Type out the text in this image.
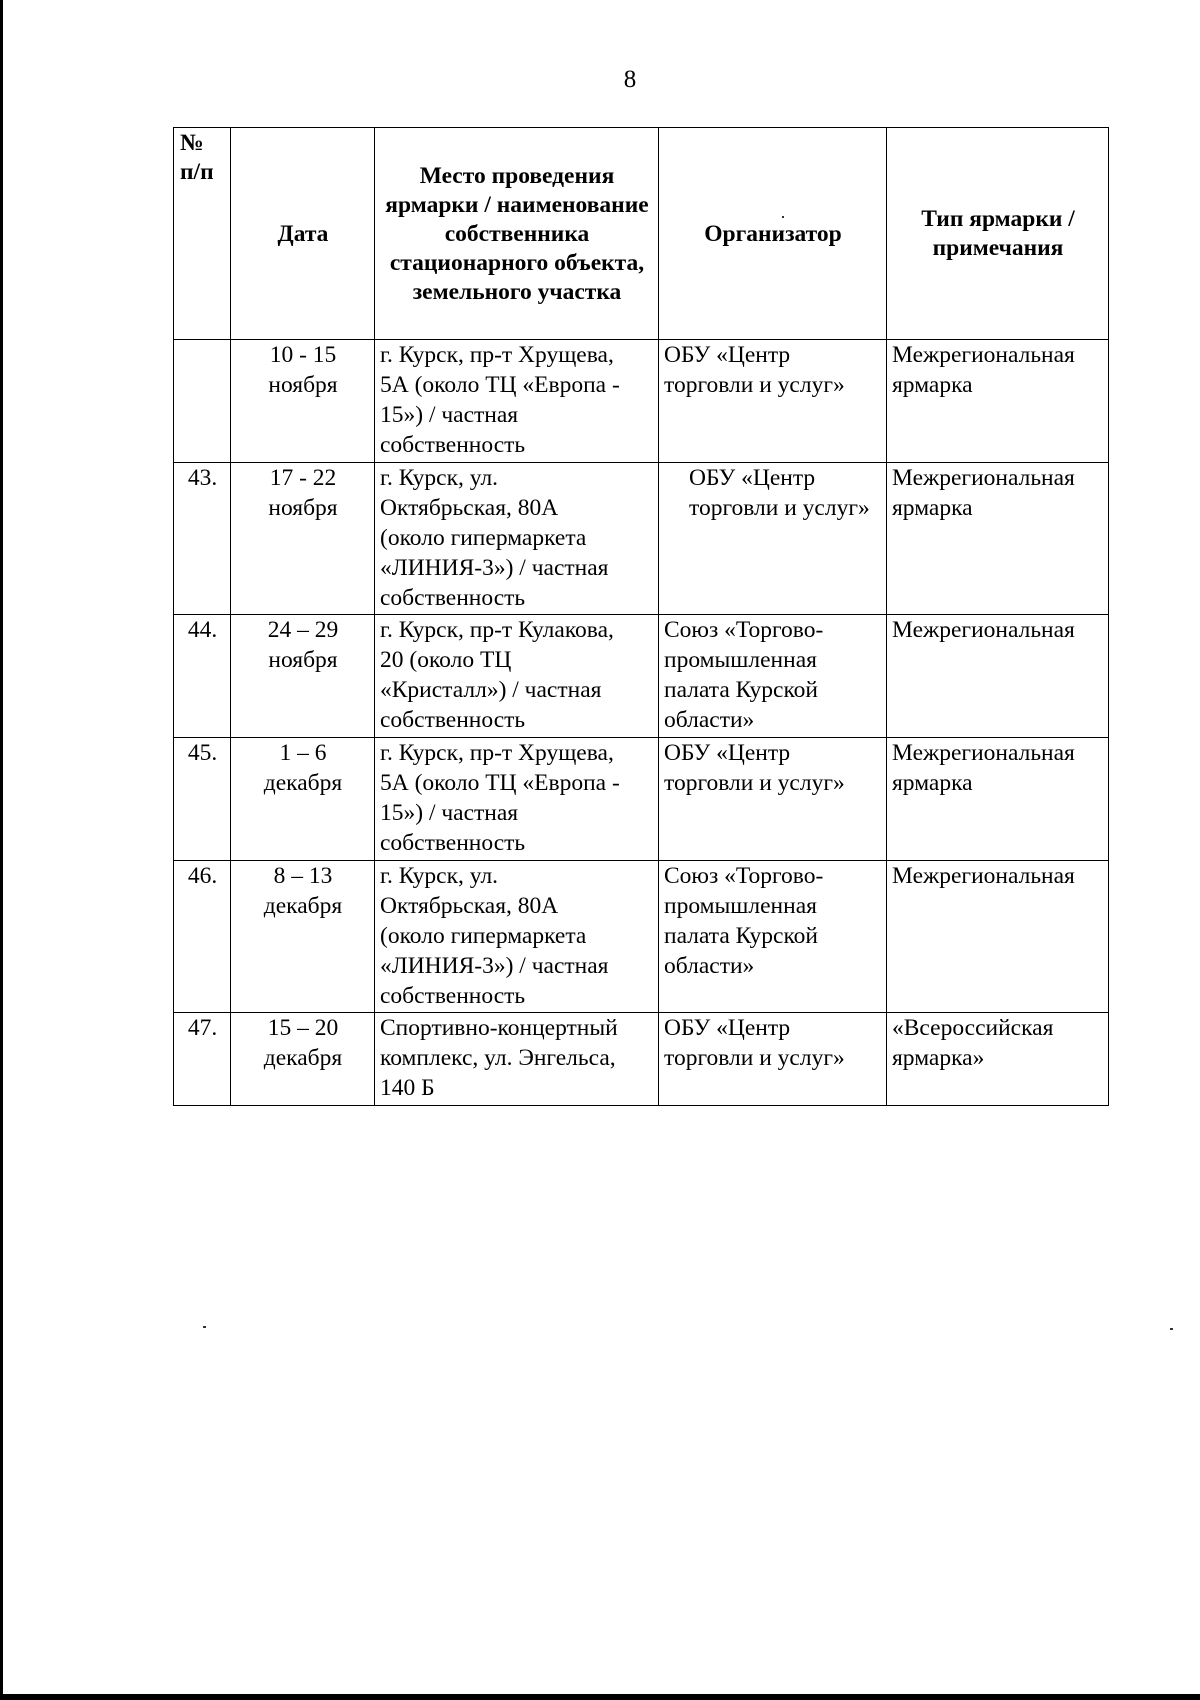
8
№ п/п	Дата	Место проведения ярмарки / наименование собственника стационарного объекта, земельного участка	Организатор	Тип ярмарки / примечания

	10 - 15
ноября	г. Курск, пр-т Хрущева,
5А (около ТЦ «Европа -
15») / частная
собственность	ОБУ «Центр
торговли и услуг»	Межрегиональная
ярмарка

43.	17 - 22
ноября	г. Курск, ул.
Октябрьская, 80А
(около гипермаркета
«ЛИНИЯ-3») / частная
собственность	ОБУ «Центр
торговли и услуг»	Межрегиональная
ярмарка

44.	24 – 29
ноября	г. Курск, пр-т Кулакова,
20 (около ТЦ
«Кристалл») / частная
собственность	Союз «Торгово-
промышленная
палата Курской
области»	Межрегиональная

45.	1 – 6
декабря	г. Курск, пр-т Хрущева,
5А (около ТЦ «Европа -
15») / частная
собственность	ОБУ «Центр
торговли и услуг»	Межрегиональная
ярмарка

46.	8 – 13
декабря	г. Курск, ул.
Октябрьская, 80А
(около гипермаркета
«ЛИНИЯ-3») / частная
собственность	Союз «Торгово-
промышленная
палата Курской
области»	Межрегиональная

47.	15 – 20
декабря	Спортивно-концертный
комплекс, ул. Энгельса,
140 Б	ОБУ «Центр
торговли и услуг»	«Всероссийская
ярмарка»
